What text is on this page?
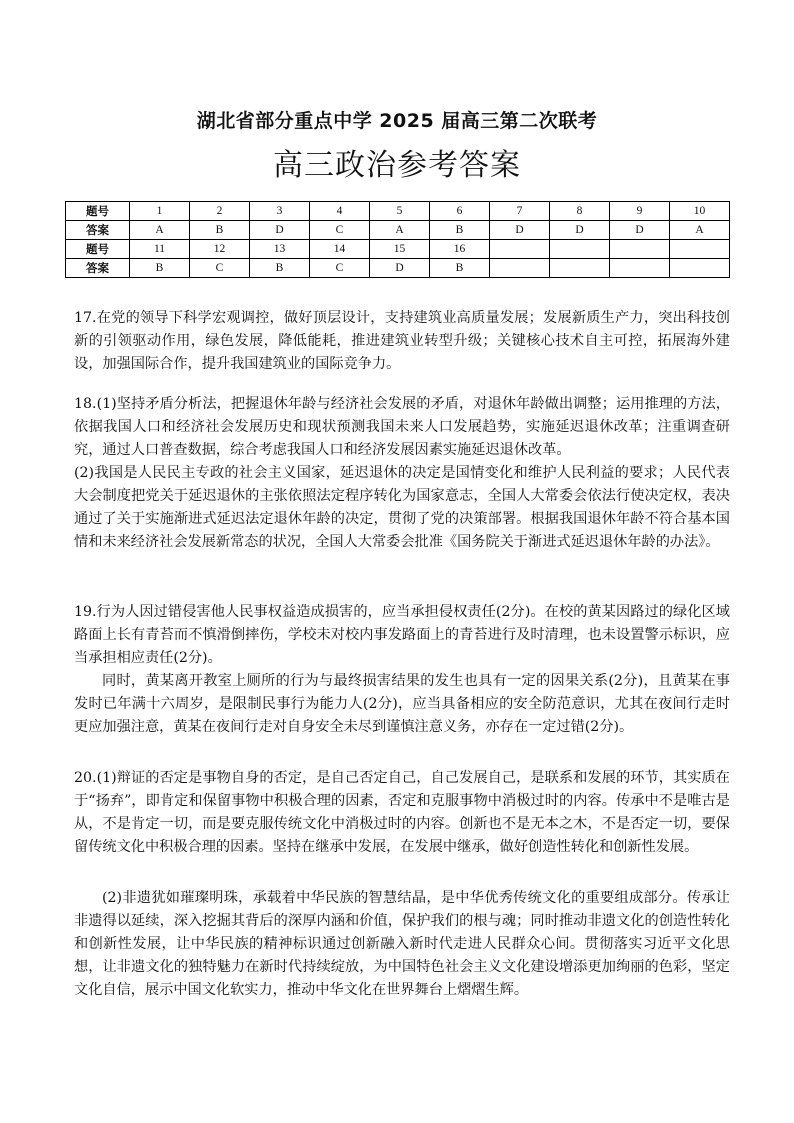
湖北省部分重点中学 2025 届高三第二次联考
高三政治参考答案
题号	1	2	3	4	5	6	7	8	9	10
答案	A	B	D	C	A	B	D	D	D	A
题号	11	12	13	14	15	16				
答案	B	C	B	C	D	B				

17.在党的领导下科学宏观调控，做好顶层设计，支持建筑业高质量发展；发展新质生产力，突出科技创新的引领驱动作用，绿色发展，降低能耗，推进建筑业转型升级；关键核心技术自主可控，拓展海外建设，加强国际合作，提升我国建筑业的国际竞争力。

18.(1)坚持矛盾分析法，把握退休年龄与经济社会发展的矛盾，对退休年龄做出调整；运用推理的方法，依据我国人口和经济社会发展历史和现状预测我国未来人口发展趋势，实施延迟退休改革；注重调查研究，通过人口普查数据，综合考虑我国人口和经济发展因素实施延迟退休改革。

(2)我国是人民民主专政的社会主义国家，延迟退休的决定是国情变化和维护人民利益的要求；人民代表大会制度把党关于延迟退休的主张依照法定程序转化为国家意志，全国人大常委会依法行使决定权，表决通过了关于实施渐进式延迟法定退休年龄的决定，贯彻了党的决策部署。根据我国退休年龄不符合基本国情和未来经济社会发展新常态的状况，全国人大常委会批准《国务院关于渐进式延迟退休年龄的办法》。

19.行为人因过错侵害他人民事权益造成损害的，应当承担侵权责任(2分)。在校的黄某因路过的绿化区域路面上长有青苔而不慎滑倒摔伤，学校未对校内事发路面上的青苔进行及时清理，也未设置警示标识，应当承担相应责任(2分)。

同时，黄某离开教室上厕所的行为与最终损害结果的发生也具有一定的因果关系(2分)，且黄某在事发时已年满十六周岁，是限制民事行为能力人(2分)，应当具备相应的安全防范意识，尤其在夜间行走时更应加强注意，黄某在夜间行走对自身安全未尽到谨慎注意义务，亦存在一定过错(2分)。

20.(1)辩证的否定是事物自身的否定，是自己否定自己，自己发展自己，是联系和发展的环节，其实质在于“扬弃”，即肯定和保留事物中积极合理的因素，否定和克服事物中消极过时的内容。传承中不是唯古是从，不是肯定一切，而是要克服传统文化中消极过时的内容。创新也不是无本之木，不是否定一切，要保留传统文化中积极合理的因素。坚持在继承中发展，在发展中继承，做好创造性转化和创新性发展。

(2)非遗犹如璀璨明珠，承载着中华民族的智慧结晶，是中华优秀传统文化的重要组成部分。传承让非遗得以延续，深入挖掘其背后的深厚内涵和价值，保护我们的根与魂；同时推动非遗文化的创造性转化和创新性发展，让中华民族的精神标识通过创新融入新时代走进人民群众心间。贯彻落实习近平文化思想，让非遗文化的独特魅力在新时代持续绽放，为中国特色社会主义文化建设增添更加绚丽的色彩，坚定文化自信，展示中国文化软实力，推动中华文化在世界舞台上熠熠生辉。
